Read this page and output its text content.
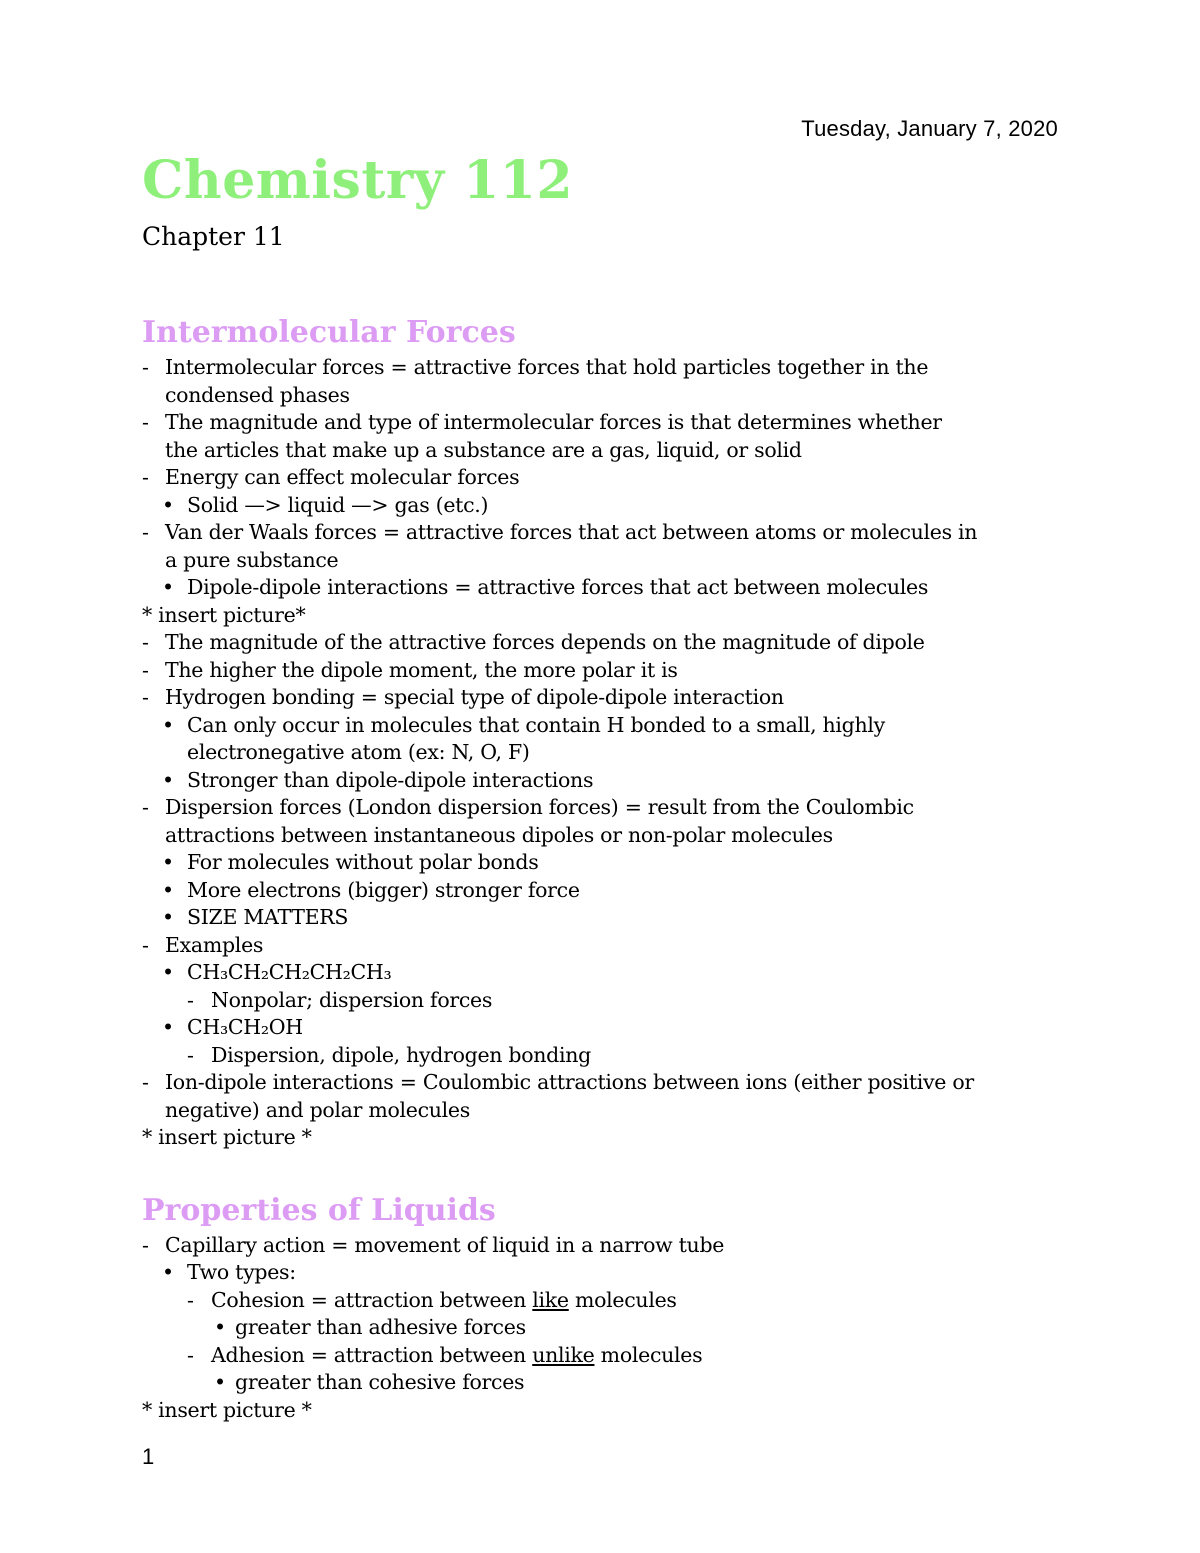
Tuesday, January 7, 2020
Chemistry 112
Chapter 11
Intermolecular Forces
- Intermolecular forces = attractive forces that hold particles together in the
condensed phases
- The magnitude and type of intermolecular forces is that determines whether
the articles that make up a substance are a gas, liquid, or solid
- Energy can effect molecular forces
• Solid —> liquid —> gas (etc.)
- Van der Waals forces = attractive forces that act between atoms or molecules in
a pure substance
• Dipole-dipole interactions = attractive forces that act between molecules
* insert picture*
- The magnitude of the attractive forces depends on the magnitude of dipole
- The higher the dipole moment, the more polar it is
- Hydrogen bonding = special type of dipole-dipole interaction
• Can only occur in molecules that contain H bonded to a small, highly
electronegative atom (ex: N, O, F)
• Stronger than dipole-dipole interactions
- Dispersion forces (London dispersion forces) = result from the Coulombic
attractions between instantaneous dipoles or non-polar molecules
• For molecules without polar bonds
• More electrons (bigger) stronger force
• SIZE MATTERS
- Examples
• CH₃CH₂CH₂CH₂CH₃
- Nonpolar; dispersion forces
• CH₃CH₂OH
- Dispersion, dipole, hydrogen bonding
- Ion-dipole interactions = Coulombic attractions between ions (either positive or
negative) and polar molecules
* insert picture *
Properties of Liquids
- Capillary action = movement of liquid in a narrow tube
• Two types:
- Cohesion = attraction between like molecules
• greater than adhesive forces
- Adhesion = attraction between unlike molecules
• greater than cohesive forces
* insert picture *
1
